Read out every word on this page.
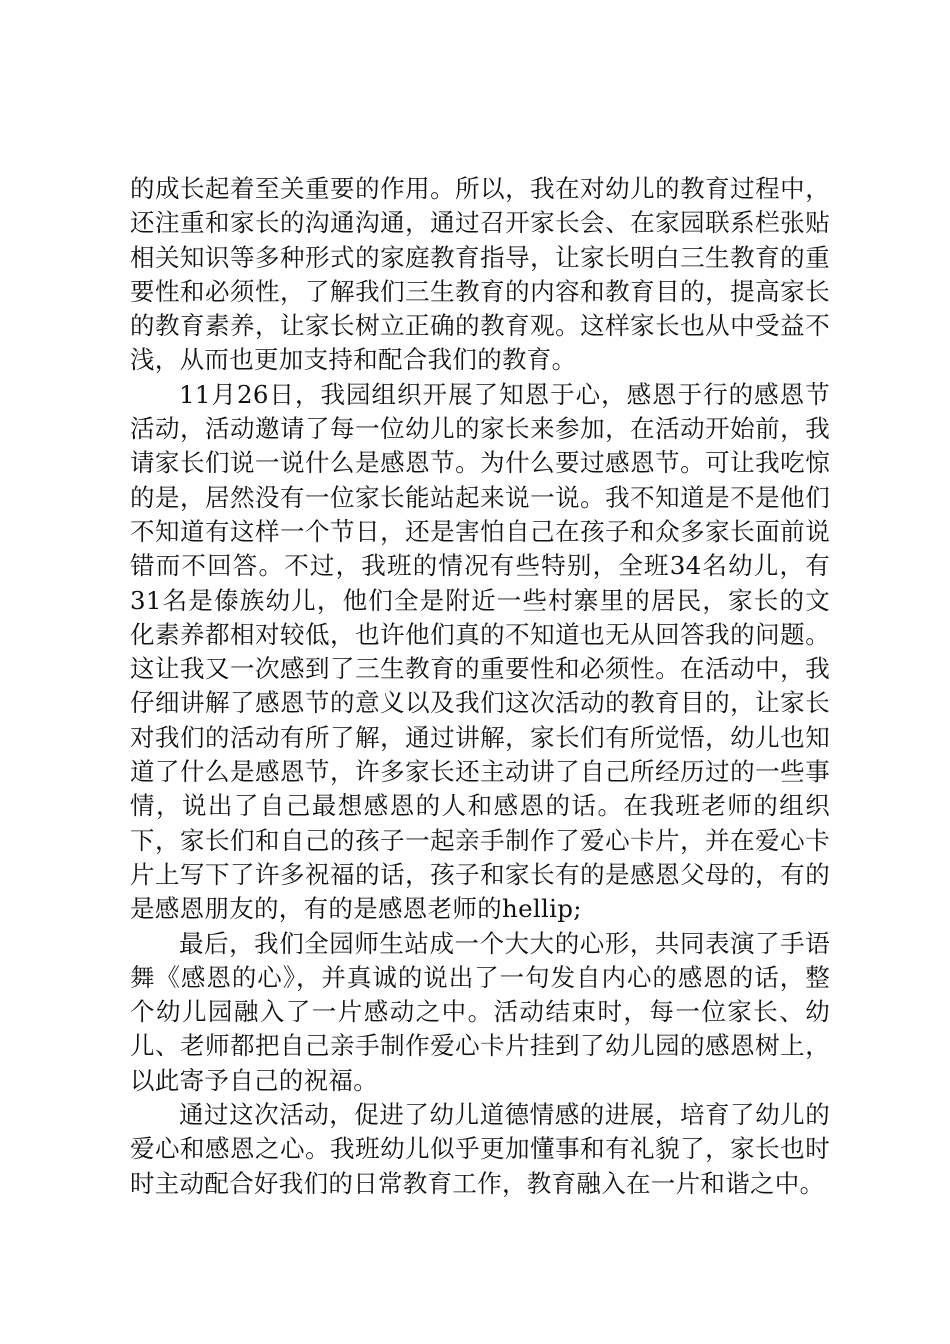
的成长起着至关重要的作用。所以，我在对幼儿的教育过程中，还注重和家长的沟通沟通，通过召开家长会、在家园联系栏张贴相关知识等多种形式的家庭教育指导，让家长明白三生教育的重要性和必须性，了解我们三生教育的内容和教育目的，提高家长的教育素养，让家长树立正确的教育观。这样家长也从中受益不浅，从而也更加支持和配合我们的教育。

11月26日，我园组织开展了知恩于心，感恩于行的感恩节活动，活动邀请了每一位幼儿的家长来参加，在活动开始前，我请家长们说一说什么是感恩节。为什么要过感恩节。可让我吃惊的是，居然没有一位家长能站起来说一说。我不知道是不是他们不知道有这样一个节日，还是害怕自己在孩子和众多家长面前说错而不回答。不过，我班的情况有些特别，全班34名幼儿，有31名是傣族幼儿，他们全是附近一些村寨里的居民，家长的文化素养都相对较低，也许他们真的不知道也无从回答我的问题。这让我又一次感到了三生教育的重要性和必须性。在活动中，我仔细讲解了感恩节的意义以及我们这次活动的教育目的，让家长对我们的活动有所了解，通过讲解，家长们有所觉悟，幼儿也知道了什么是感恩节，许多家长还主动讲了自己所经历过的一些事情，说出了自己最想感恩的人和感恩的话。在我班老师的组织下，家长们和自己的孩子一起亲手制作了爱心卡片，并在爱心卡片上写下了许多祝福的话，孩子和家长有的是感恩父母的，有的是感恩朋友的，有的是感恩老师的hellip;

最后，我们全园师生站成一个大大的心形，共同表演了手语舞《感恩的心》，并真诚的说出了一句发自内心的感恩的话，整个幼儿园融入了一片感动之中。活动结束时，每一位家长、幼儿、老师都把自己亲手制作爱心卡片挂到了幼儿园的感恩树上，以此寄予自己的祝福。

通过这次活动，促进了幼儿道德情感的进展，培育了幼儿的爱心和感恩之心。我班幼儿似乎更加懂事和有礼貌了，家长也时时主动配合好我们的日常教育工作，教育融入在一片和谐之中。
